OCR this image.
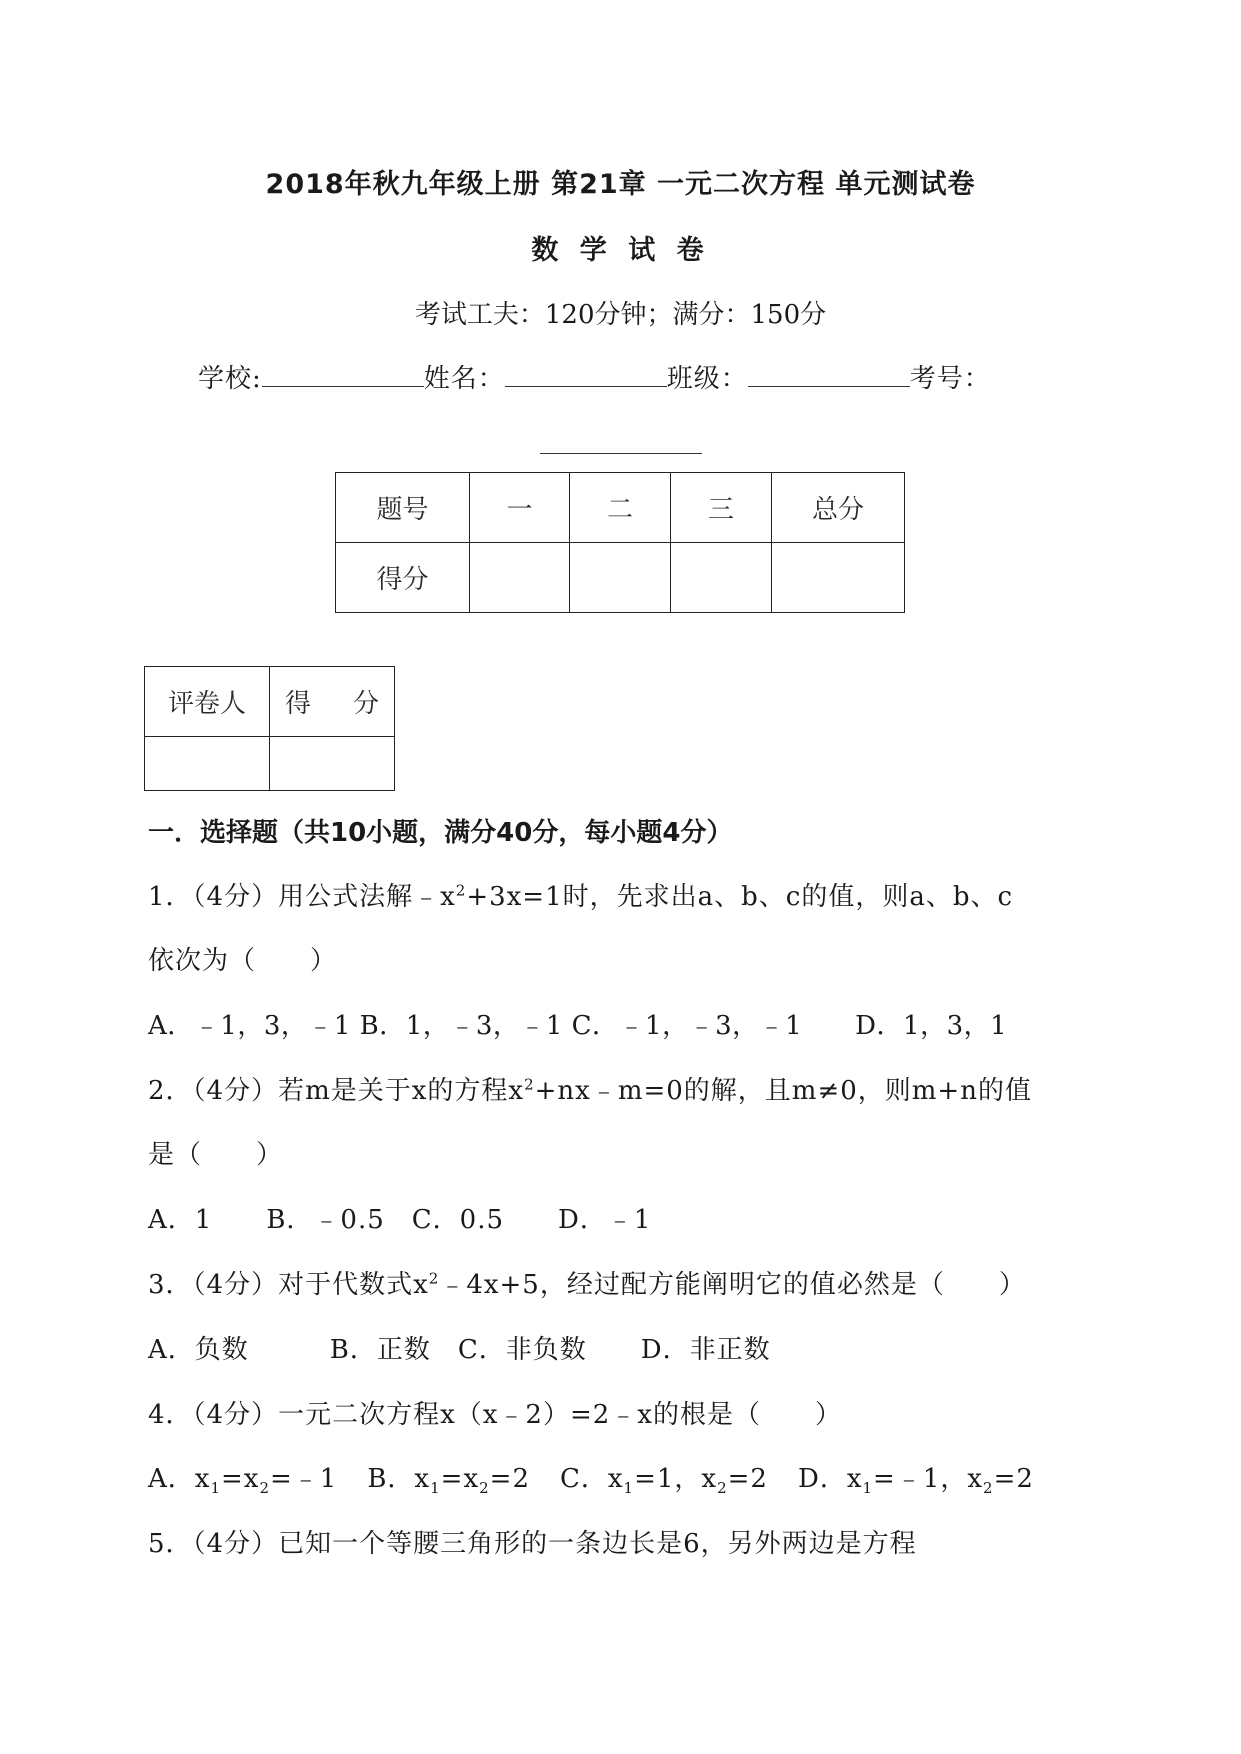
2018年秋九年级上册 第21章 一元二次方程 单元测试卷
数 学 试 卷
考试工夫：120分钟；满分：150分
学校:	姓名：	班级：	考号：
题号	一	二	三	总分
得分				
评卷人	得 分

一．选择题（共10小题，满分40分，每小题4分）
1．（4分）用公式法解$﹣x^2+3x=1$时，先求出a、b、c的值，则a、b、c
依次为（　　）
A．﹣1，3，﹣1 B．1，﹣3，﹣1 C．﹣1，﹣3，﹣1　　D．1，3，1
2．（4分）若m是关于x的方程$x^2+nx﹣m=0$的解，且m≠0，则m+n的值
是（　　）
A．1　　B．﹣0.5　C．0.5　　D．﹣1
3．（4分）对于代数式$x^2﹣4x+5$，经过配方能阐明它的值必然是（　　）
A．负数　　　B．正数　C．非负数　　D．非正数
4．（4分）一元二次方程x（x﹣2）=2﹣x的根是（　　）
A．$x_1=x_2=﹣1$ B．$x_1=x_2=2$ C．$x_1=1$，$x_2=2$ D．$x_1=﹣1$，$x_2=2$
5．（4分）已知一个等腰三角形的一条边长是6，另外两边是方程
